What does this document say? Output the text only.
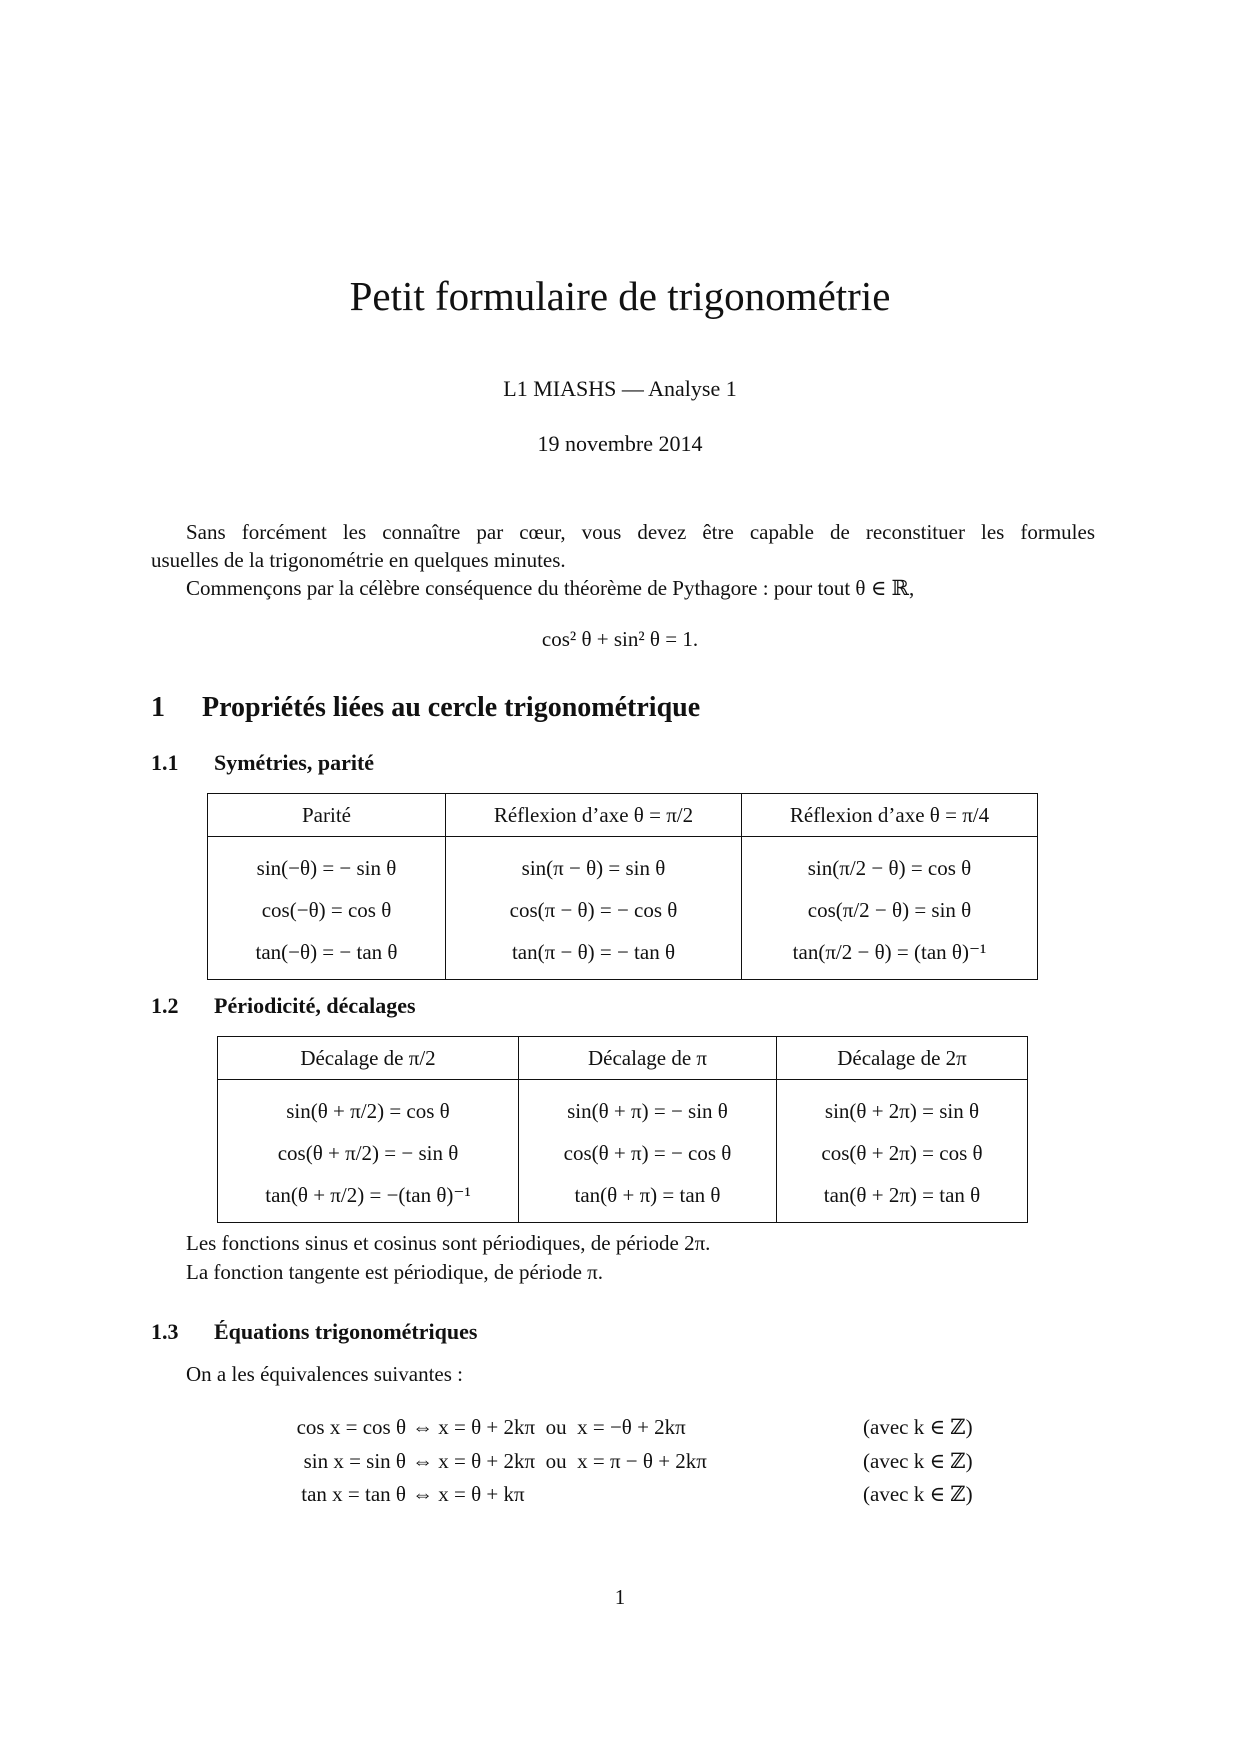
Petit formulaire de trigonométrie
L1 MIASHS — Analyse 1
19 novembre 2014

Sans forcément les connaître par cœur, vous devez être capable de reconstituer les formules

usuelles de la trigonométrie en quelques minutes.

Commençons par la célèbre conséquence du théorème de Pythagore : pour tout θ ∈ ℝ,

cos² θ + sin² θ = 1.
1 Propriétés liées au cercle trigonométrique
1.1 Symétries, parité
Parité	Réflexion d’axe θ = π/2	Réflexion d’axe θ = π/4
sin(−θ) = − sin θ	sin(π − θ) = sin θ	sin(π/2 − θ) = cos θ
cos(−θ) = cos θ	cos(π − θ) = − cos θ	cos(π/2 − θ) = sin θ
tan(−θ) = − tan θ	tan(π − θ) = − tan θ	tan(π/2 − θ) = (tan θ)⁻¹
1.2 Périodicité, décalages
Décalage de π/2	Décalage de π	Décalage de 2π
sin(θ + π/2) = cos θ	sin(θ + π) = − sin θ	sin(θ + 2π) = sin θ
cos(θ + π/2) = − sin θ	cos(θ + π) = − cos θ	cos(θ + 2π) = cos θ
tan(θ + π/2) = −(tan θ)⁻¹	tan(θ + π) = tan θ	tan(θ + 2π) = tan θ

Les fonctions sinus et cosinus sont périodiques, de période 2π.

La fonction tangente est périodique, de période π.

1.3 Équations trigonométriques
On a les équivalences suivantes :
cos x = cos θ ⇔ x = θ + 2kπ  ou  x = −θ + 2kπ	(avec k ∈ ℤ)
sin x = sin θ ⇔ x = θ + 2kπ  ou  x = π − θ + 2kπ	(avec k ∈ ℤ)
tan x = tan θ ⇔ x = θ + kπ	(avec k ∈ ℤ)
1
